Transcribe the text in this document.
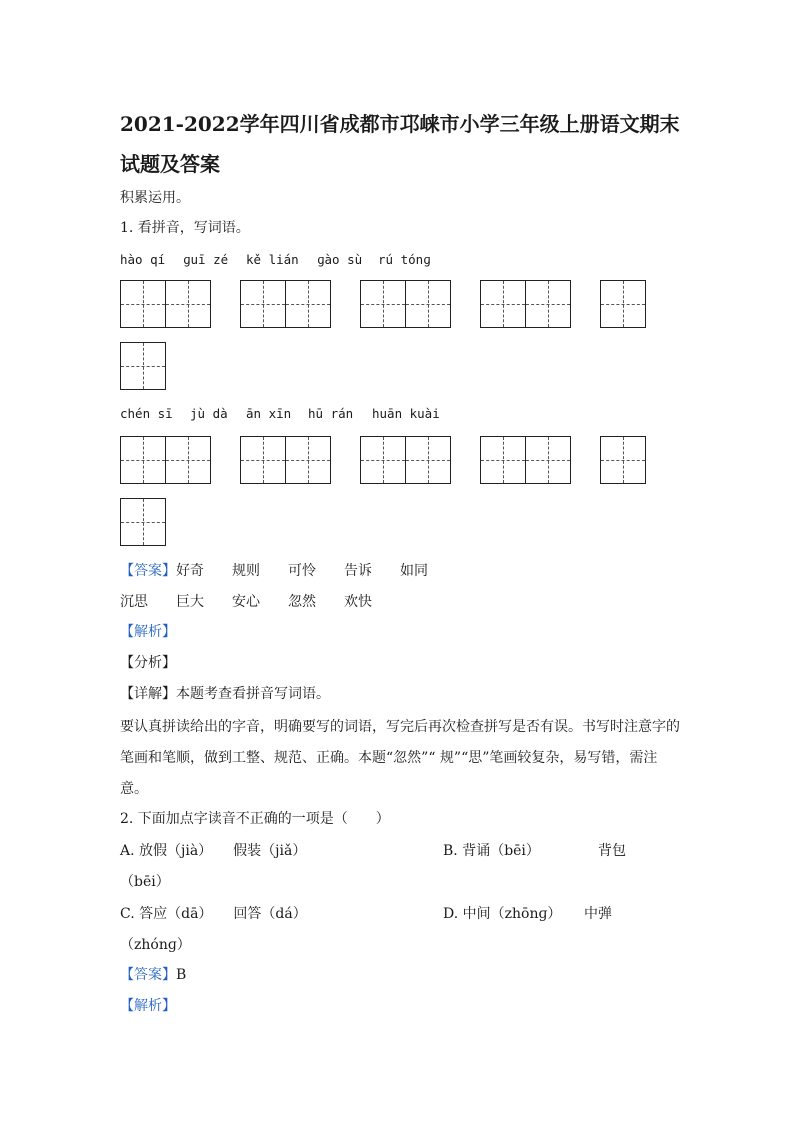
2021-2022学年四川省成都市邛崃市小学三年级上册语文期末试题及答案
积累运用。
1. 看拼音，写词语。
hào qí ɡuī zé kě lián ɡào sù rú tónɡ
chén sī jù dà ān xīn hū rán huān kuài
【答案】 好奇 规则 可怜 告诉 如同
沉思 巨大 安心 忽然 欢快
【解析】
【分析】
【详解】本题考查看拼音写词语。
要认真拼读给出的字音，明确要写的词语，写完后再次检查拼写是否有误。书写时注意字的笔画和笔顺，做到工整、规范、正确。本题“忽然”“ 规”“思”笔画较复杂，易写错，需注意。
2. 下面加点字读音不正确的一项是（　　）
A. 放假（jià）　　假装（jiǎ）	B. 背诵（bēi）	背包
（bēi）
C. 答应（dā）　　回答（dá）	D. 中间（zhōnɡ） 中弹
（zhónɡ）
【答案】B
【解析】
